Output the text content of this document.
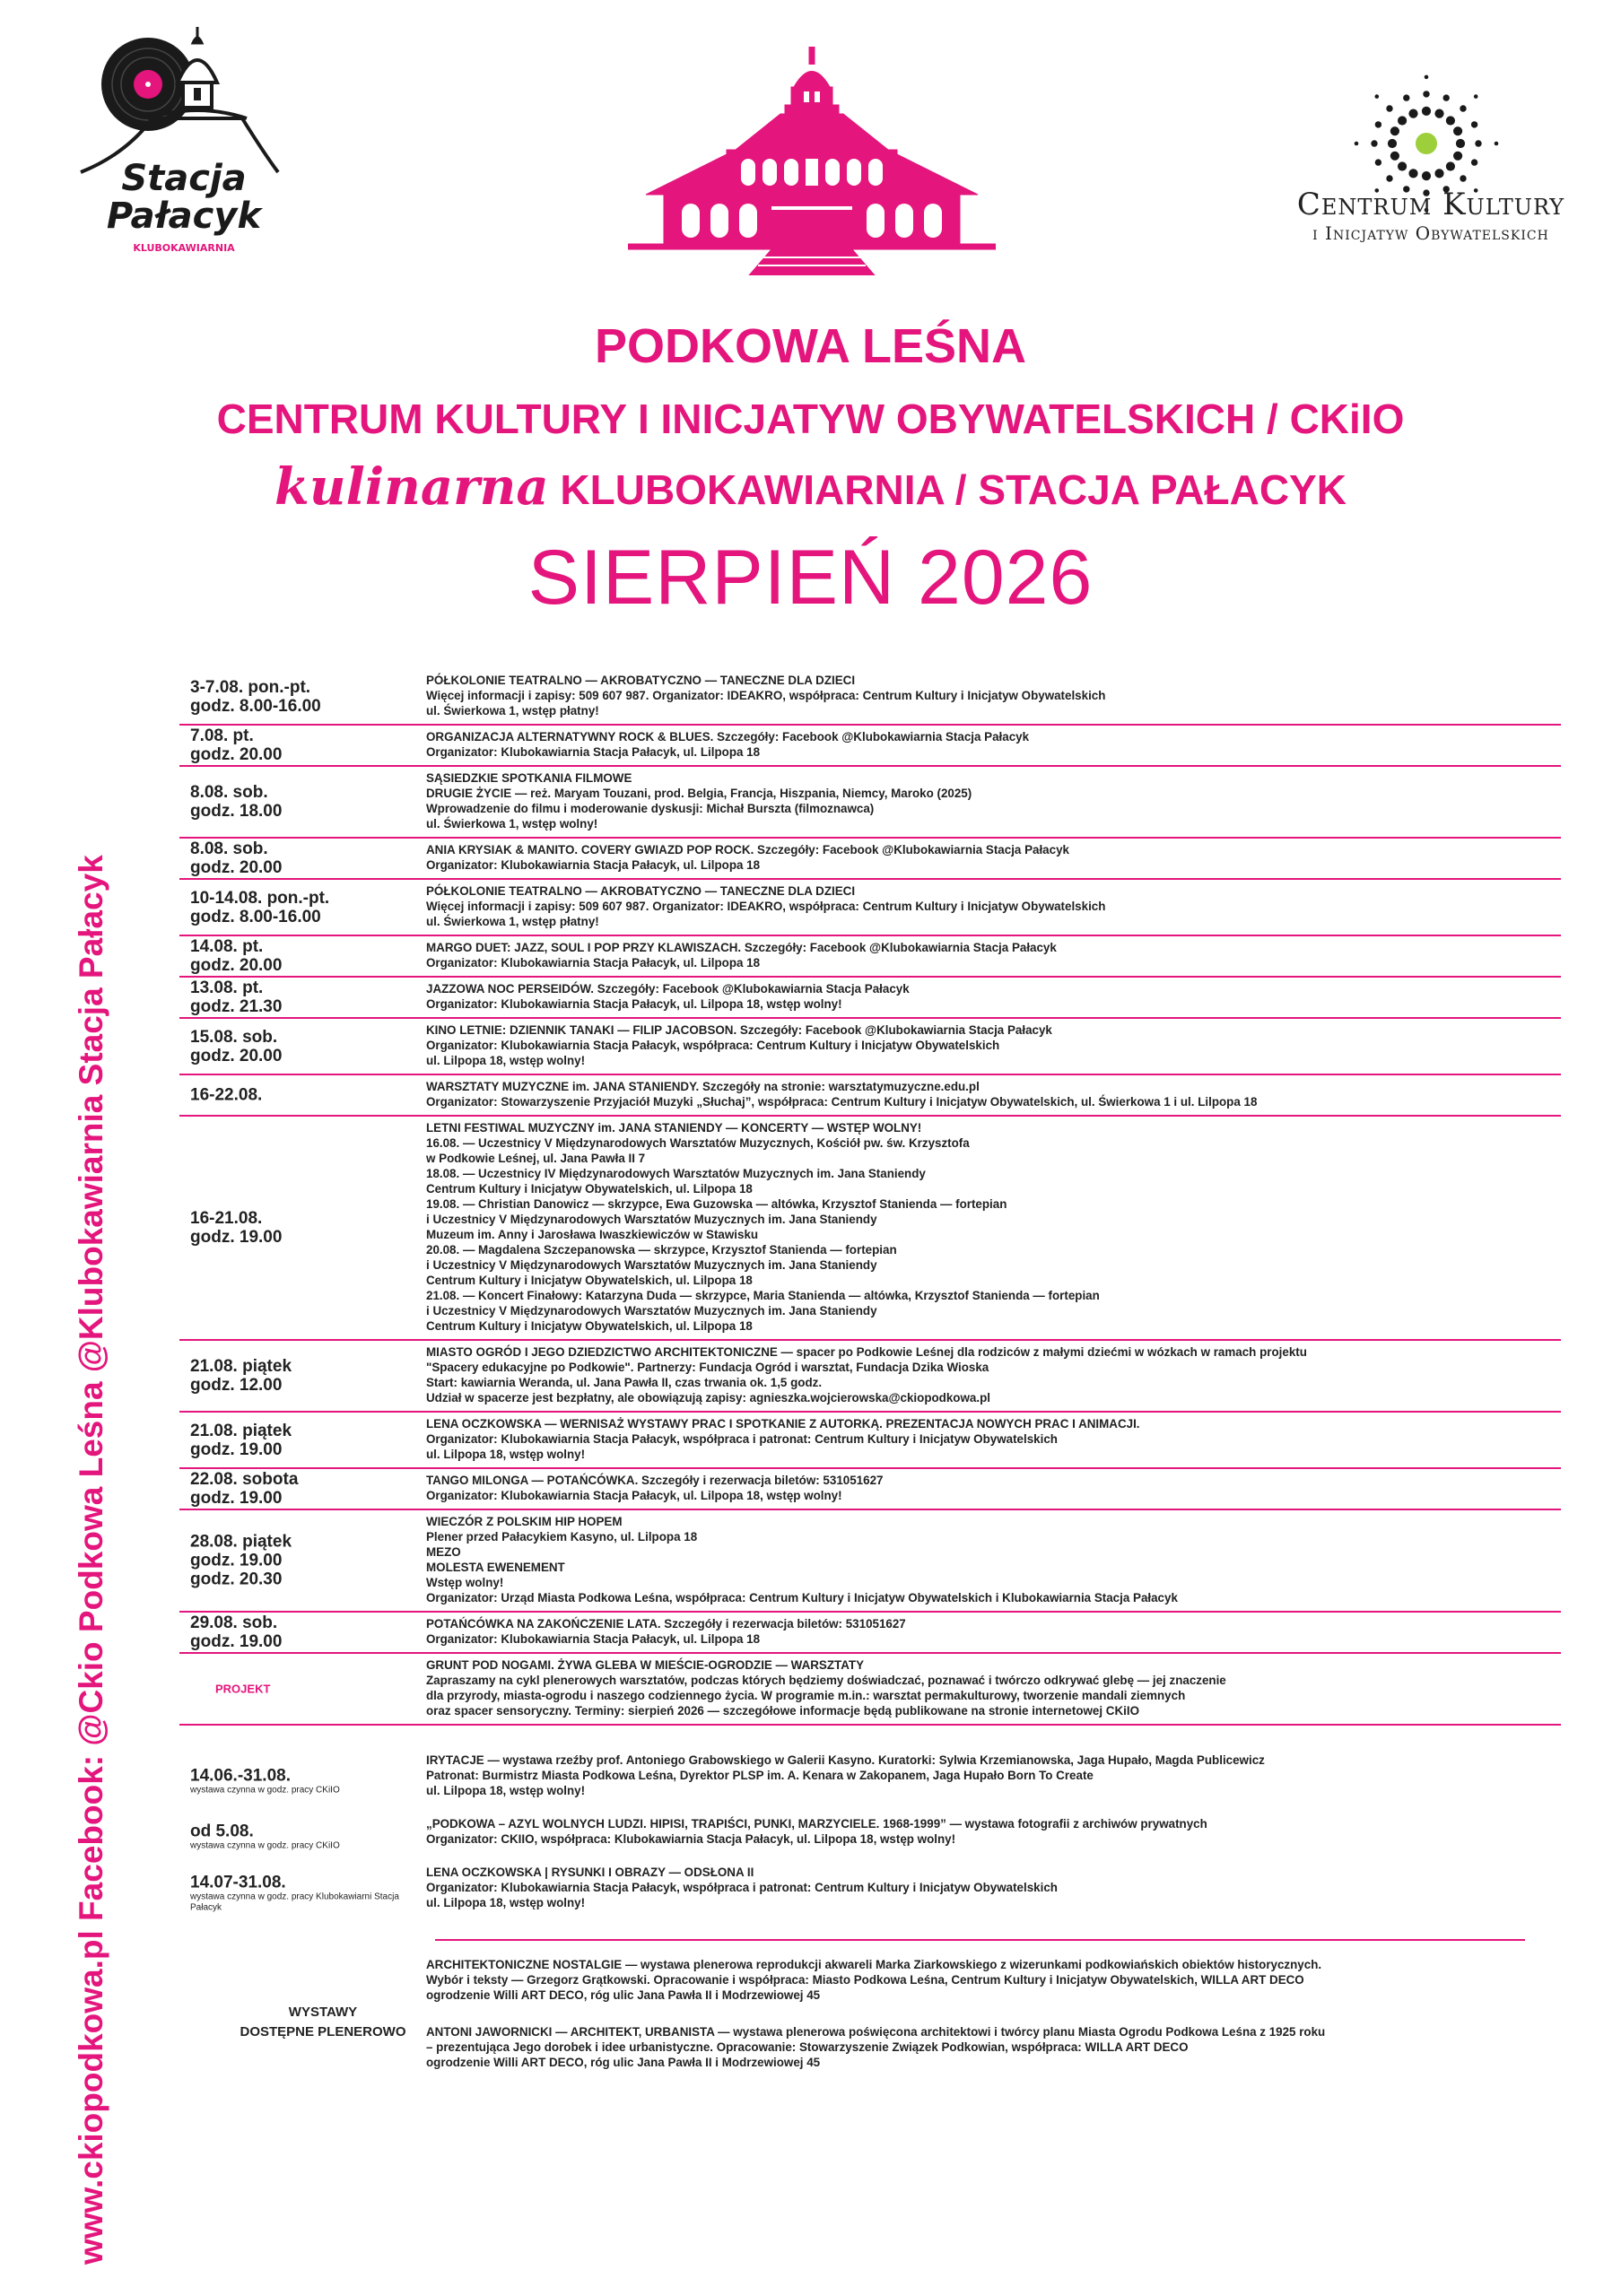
Stacja
Pałacyk
KLUBOKAWIARNIA
Centrum Kultury
i Inicjatyw Obywatelskich
PODKOWA LEŚNA
CENTRUM KULTURY I INICJATYW OBYWATELSKICH / CKiIO
kulinarna KLUBOKAWIARNIA / STACJA PAŁACYK
SIERPIEŃ 2026
www.ckiopodkowa.pl Facebook: @Ckio Podkowa Leśna @Klubokawiarnia Stacja Pałacyk
3-7.08. pon.-pt.
godz. 8.00-16.00
PÓŁKOLONIE TEATRALNO — AKROBATYCZNO — TANECZNE DLA DZIECI
Więcej informacji i zapisy: 509 607 987. Organizator: IDEAKRO, współpraca: Centrum Kultury i Inicjatyw Obywatelskich
ul. Świerkowa 1, wstęp płatny!
7.08. pt.
godz. 20.00
ORGANIZACJA ALTERNATYWNY ROCK & BLUES. Szczegóły: Facebook @Klubokawiarnia Stacja Pałacyk
Organizator: Klubokawiarnia Stacja Pałacyk, ul. Lilpopa 18
8.08. sob.
godz. 18.00
SĄSIEDZKIE SPOTKANIA FILMOWE
DRUGIE ŻYCIE — reż. Maryam Touzani, prod. Belgia, Francja, Hiszpania, Niemcy, Maroko (2025)
Wprowadzenie do filmu i moderowanie dyskusji: Michał Bursztа (filmoznawca)
ul. Świerkowa 1, wstęp wolny!
8.08. sob.
godz. 20.00
ANIA KRYSIAK & MANITO. COVERY GWIAZD POP ROCK. Szczegóły: Facebook @Klubokawiarnia Stacja Pałacyk
Organizator: Klubokawiarnia Stacja Pałacyk, ul. Lilpopa 18
10-14.08. pon.-pt.
godz. 8.00-16.00
PÓŁKOLONIE TEATRALNO — AKROBATYCZNO — TANECZNE DLA DZIECI
Więcej informacji i zapisy: 509 607 987. Organizator: IDEAKRO, współpraca: Centrum Kultury i Inicjatyw Obywatelskich
ul. Świerkowa 1, wstęp płatny!
14.08. pt.
godz. 20.00
MARGO DUET: JAZZ, SOUL I POP PRZY KLAWISZACH. Szczegóły: Facebook @Klubokawiarnia Stacja Pałacyk
Organizator: Klubokawiarnia Stacja Pałacyk, ul. Lilpopa 18
13.08. pt.
godz. 21.30
JAZZOWA NOC PERSEIDÓW. Szczegóły: Facebook @Klubokawiarnia Stacja Pałacyk
Organizator: Klubokawiarnia Stacja Pałacyk, ul. Lilpopa 18, wstęp wolny!
15.08. sob.
godz. 20.00
KINO LETNIE: DZIENNIK TANAKI — FILIP JACOBSON. Szczegóły: Facebook @Klubokawiarnia Stacja Pałacyk
Organizator: Klubokawiarnia Stacja Pałacyk, współpraca: Centrum Kultury i Inicjatyw Obywatelskich
ul. Lilpopa 18, wstęp wolny!
16-22.08.	WARSZTATY MUZYCZNE im. JANA STANIENDY. Szczegóły na stronie: warsztatymuzyczne.edu.pl
Organizator: Stowarzyszenie Przyjaciół Muzyki „Słuchaj”, współpraca: Centrum Kultury i Inicjatyw Obywatelskich, ul. Świerkowa 1 i ul. Lilpopa 18
16-21.08.
godz. 19.00
LETNI FESTIWAL MUZYCZNY im. JANA STANIENDY — KONCERTY — WSTĘP WOLNY!
16.08. — Uczestnicy V Międzynarodowych Warsztatów Muzycznych, Kościół pw. św. Krzysztofa
w Podkowie Leśnej, ul. Jana Pawła II 7
18.08. — Uczestnicy IV Międzynarodowych Warsztatów Muzycznych im. Jana Staniendy
Centrum Kultury i Inicjatyw Obywatelskich, ul. Lilpopa 18
19.08. — Christian Danowicz — skrzypce, Ewa Guzowska — altówka, Krzysztof Stanienda — fortepian
i Uczestnicy V Międzynarodowych Warsztatów Muzycznych im. Jana Staniendy
Muzeum im. Anny i Jarosława Iwaszkiewiczów w Stawisku
20.08. — Magdalena Szczepanowska — skrzypce, Krzysztof Stanienda — fortepian
i Uczestnicy V Międzynarodowych Warsztatów Muzycznych im. Jana Staniendy
Centrum Kultury i Inicjatyw Obywatelskich, ul. Lilpopa 18
21.08. — Koncert Finałowy: Katarzyna Duda — skrzypce, Maria Stanienda — altówka, Krzysztof Stanienda — fortepian
i Uczestnicy V Międzynarodowych Warsztatów Muzycznych im. Jana Staniendy
Centrum Kultury i Inicjatyw Obywatelskich, ul. Lilpopa 18
21.08. piątek
godz. 12.00
MIASTO OGRÓD I JEGO DZIEDZICTWO ARCHITEKTONICZNE — spacer po Podkowie Leśnej dla rodziców z małymi dziećmi w wózkach w ramach projektu
"Spacery edukacyjne po Podkowie". Partnerzy: Fundacja Ogród i warsztat, Fundacja Dzika Wioska
Start: kawiarnia Weranda, ul. Jana Pawła II, czas trwania ok. 1,5 godz.
Udział w spacerze jest bezpłatny, ale obowiązują zapisy: agnieszka.wojcierowska@ckiopodkowa.pl
21.08. piątek
godz. 19.00
LENA OCZKOWSKA — WERNISAŻ WYSTAWY PRAC I SPOTKANIE Z AUTORKĄ. PREZENTACJA NOWYCH PRAC I ANIMACJI.
Organizator: Klubokawiarnia Stacja Pałacyk, współpraca i patronat: Centrum Kultury i Inicjatyw Obywatelskich
ul. Lilpopa 18, wstęp wolny!
22.08. sobota
godz. 19.00
TANGO MILONGA — POTAŃCÓWKA. Szczegóły i rezerwacja biletów: 531051627
Organizator: Klubokawiarnia Stacja Pałacyk, ul. Lilpopa 18, wstęp wolny!
28.08. piątek
godz. 19.00
godz. 20.30
WIECZÓR Z POLSKIM HIP HOPEM
Plener przed Pałacykiem Kasyno, ul. Lilpopa 18
MEZO
MOLESTA EWENEMENT
Wstęp wolny!
Organizator: Urząd Miasta Podkowa Leśna, współpraca: Centrum Kultury i Inicjatyw Obywatelskich i Klubokawiarnia Stacja Pałacyk
29.08. sob.
godz. 19.00
POTAŃCÓWKA NA ZAKOŃCZENIE LATA. Szczegóły i rezerwacja biletów: 531051627
Organizator: Klubokawiarnia Stacja Pałacyk, ul. Lilpopa 18
PROJEKT
GRUNT POD NOGAMI. ŻYWA GLEBA W MIEŚCIE-OGRODZIE — WARSZTATY
Zapraszamy na cykl plenerowych warsztatów, podczas których będziemy doświadczać, poznawać i twórczo odkrywać glebę — jej znaczenie
dla przyrody, miasta-ogrodu i naszego codziennego życia. W programie m.in.: warsztat permakulturowy, tworzenie mandali ziemnych
oraz spacer sensoryczny. Terminy: sierpień 2026 — szczegółowe informacje będą publikowane na stronie internetowej CKiIO
14.06.-31.08.
wystawa czynna w godz. pracy CKiIO
IRYTACJE — wystawa rzeźby prof. Antoniego Grabowskiego w Galerii Kasyno. Kuratorki: Sylwia Krzemianowska, Jaga Hupało, Magda Publicewicz
Patronat: Burmistrz Miasta Podkowa Leśna, Dyrektor PLSP im. A. Kenara w Zakopanem, Jaga Hupało Born To Create
ul. Lilpopa 18, wstęp wolny!
od 5.08.
wystawa czynna w godz. pracy CKiIO
„PODKOWA – AZYL WOLNYCH LUDZI. HIPISI, TRAPIŚCI, PUNKI, MARZYCIELE. 1968-1999” — wystawa fotografii z archiwów prywatnych
Organizator: CKIIO, współpraca: Klubokawiarnia Stacja Pałacyk, ul. Lilpopa 18, wstęp wolny!
14.07-31.08.
wystawa czynna w godz. pracy Klubokawiarni Stacja Pałacyk
LENA OCZKOWSKA | RYSUNKI I OBRAZY — ODSŁONA II
Organizator: Klubokawiarnia Stacja Pałacyk, współpraca i patronat: Centrum Kultury i Inicjatyw Obywatelskich
ul. Lilpopa 18, wstęp wolny!
WYSTAWY
DOSTĘPNE PLENEROWO
ARCHITEKTONICZNE NOSTALGIE — wystawa plenerowa reprodukcji akwareli Marka Ziarkowskiego z wizerunkami podkowiańskich obiektów historycznych.
Wybór i teksty — Grzegorz Grątkowski. Opracowanie i współpraca: Miasto Podkowa Leśna, Centrum Kultury i Inicjatyw Obywatelskich, WILLA ART DECO
ogrodzenie Willi ART DECO, róg ulic Jana Pawła II i Modrzewiowej 45
ANTONI JAWORNICKI — ARCHITEKT, URBANISTA — wystawa plenerowa poświęcona architektowi i twórcy planu Miasta Ogrodu Podkowa Leśna z 1925 roku
– prezentująca Jego dorobek i idee urbanistyczne. Opracowanie: Stowarzyszenie Związek Podkowian, współpraca: WILLA ART DECO
ogrodzenie Willi ART DECO, róg ulic Jana Pawła II i Modrzewiowej 45
